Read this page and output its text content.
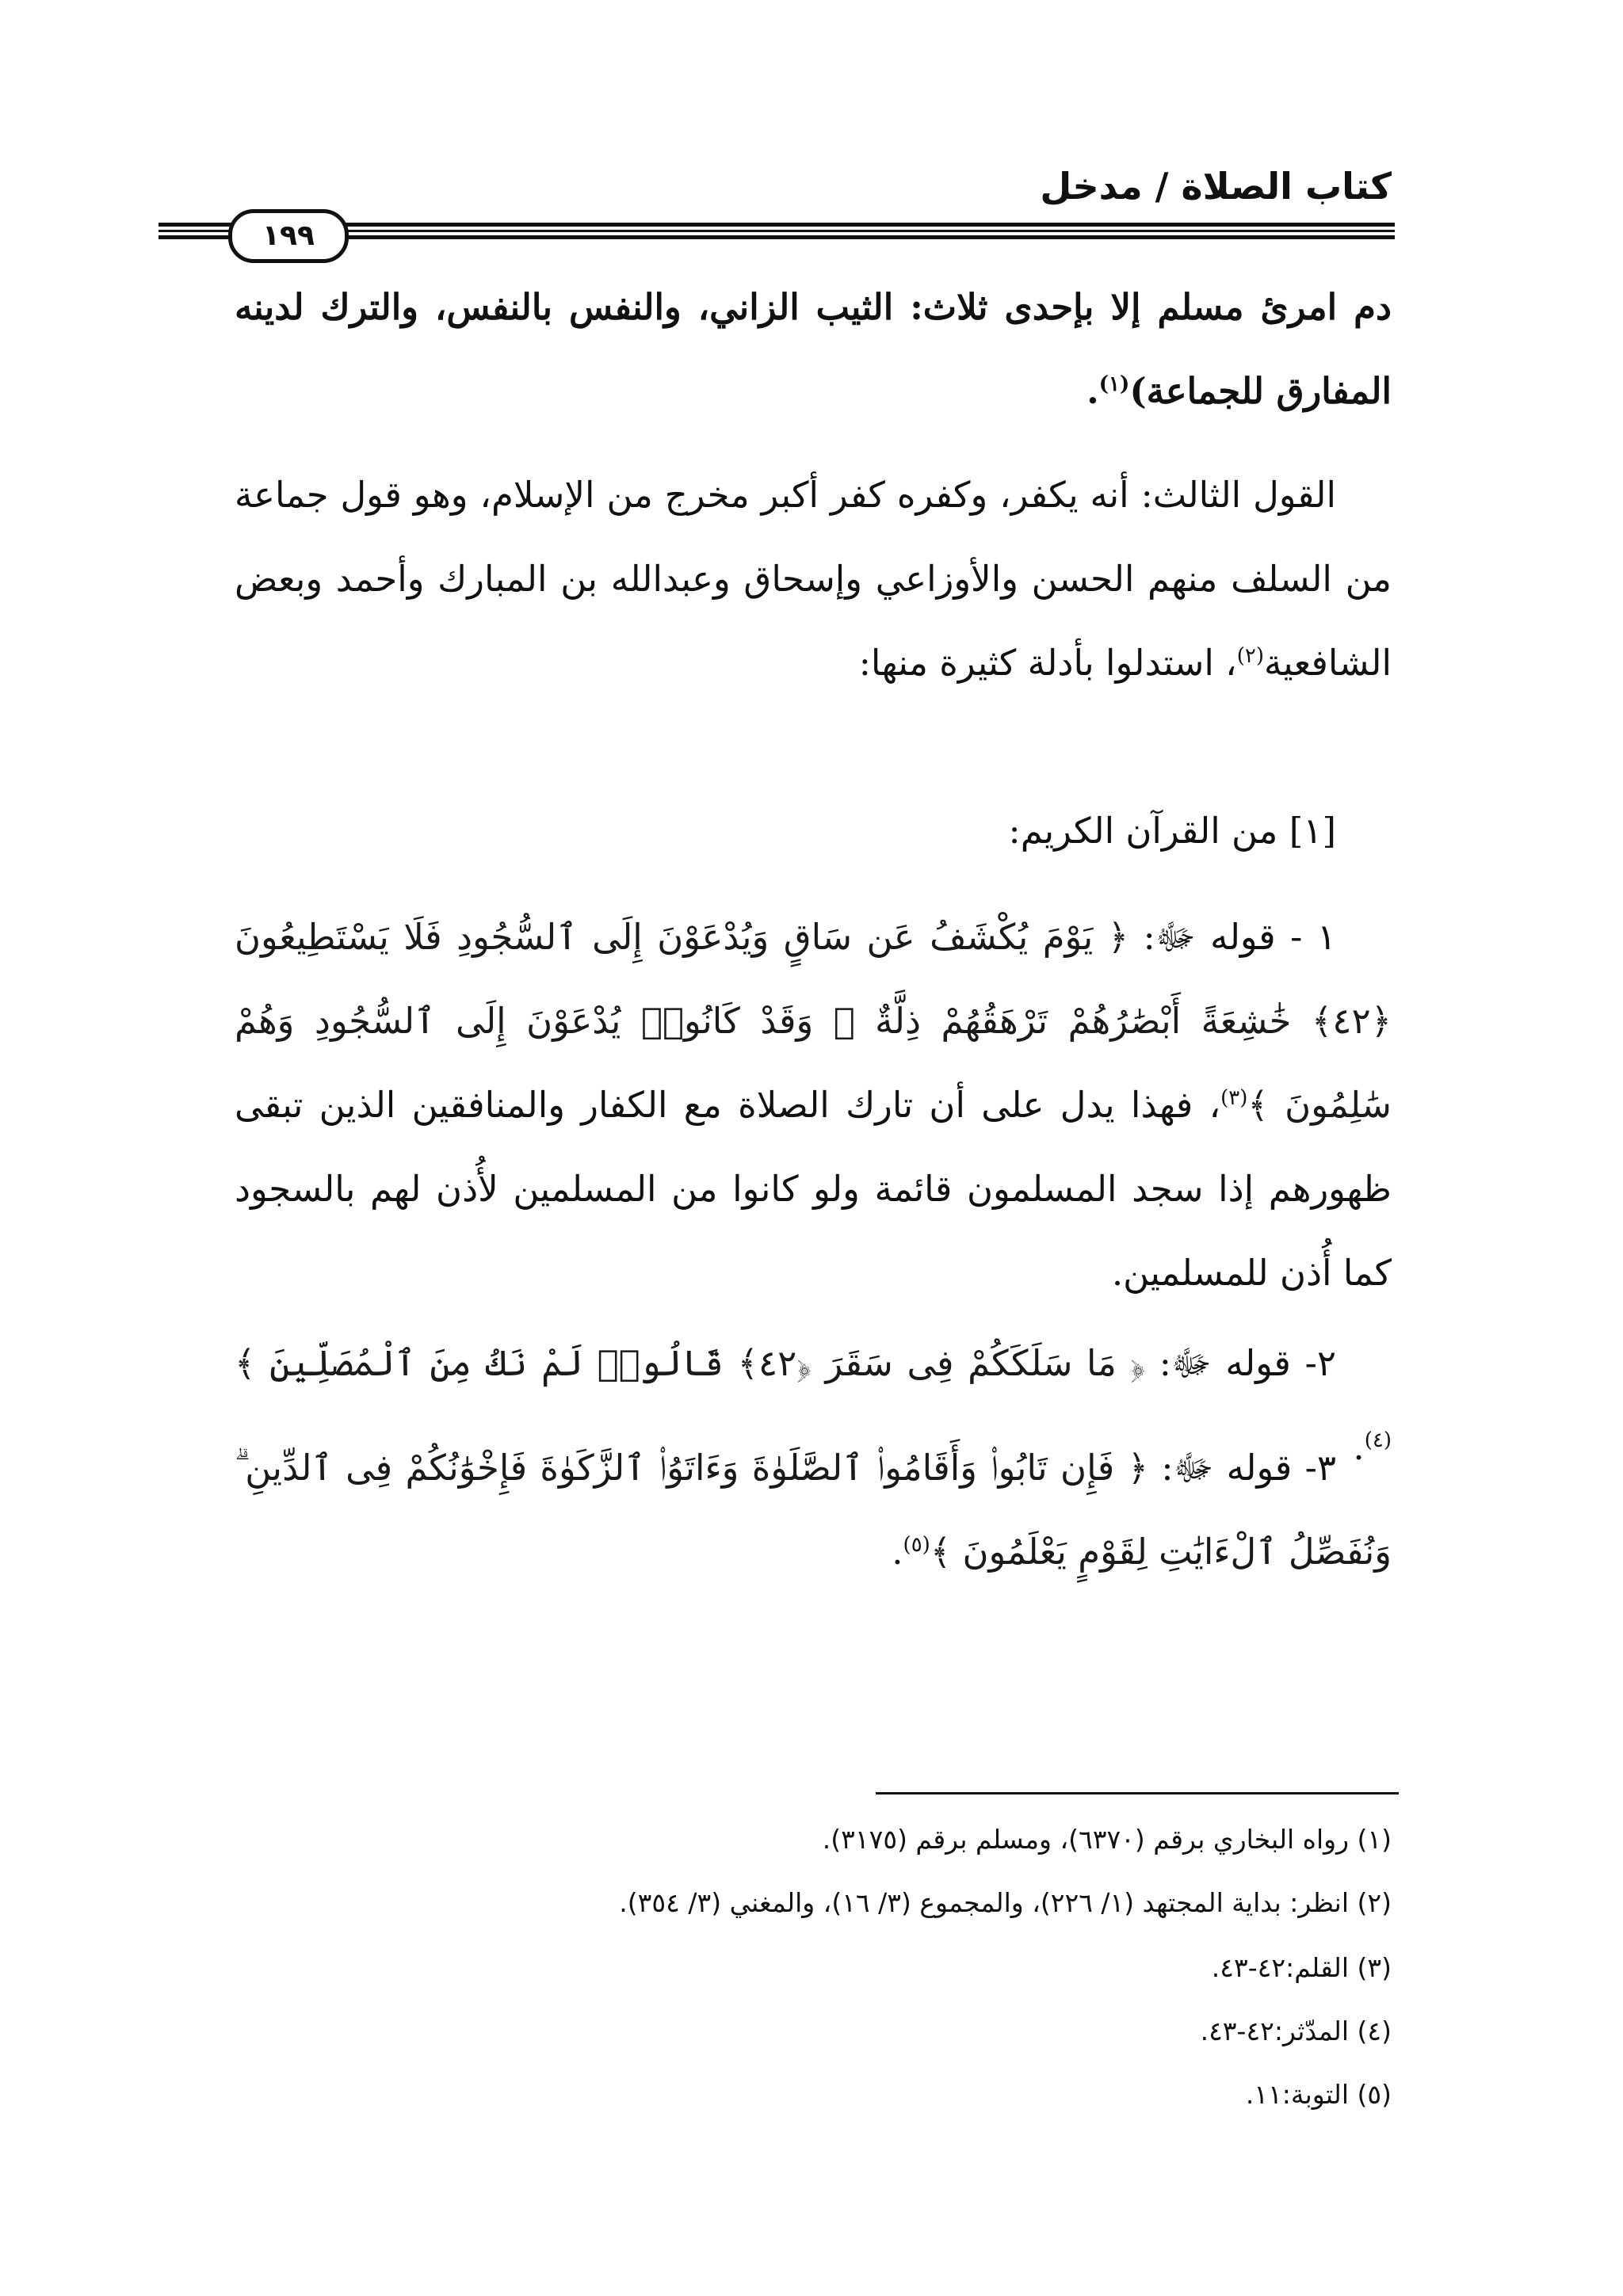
كتاب الصلاة / مدخل
١٩٩
دم امرئ مسلم إلا بإحدى ثلاث: الثيب الزاني، والنفس بالنفس، والترك لدينه المفارق للجماعة)$^{(١)}$.
القول الثالث: أنه يكفر، وكفره كفر أكبر مخرج من الإسلام، وهو قول جماعة من السلف منهم الحسن والأوزاعي وإسحاق وعبدالله بن المبارك وأحمد وبعض الشافعية$^{(٢)}$، استدلوا بأدلة كثيرة منها:
[١] من القرآن الكريم:
١ - قوله ﷻ: ﴿ يَوْمَ يُكْشَفُ عَن سَاقٍ وَيُدْعَوْنَ إِلَى ٱلسُّجُودِ فَلَا يَسْتَطِيعُونَ ﴿٤٢﴾ خَٰشِعَةً أَبْصَٰرُهُمْ تَرْهَقُهُمْ ذِلَّةٌ ۖ وَقَدْ كَانُوا۟ يُدْعَوْنَ إِلَى ٱلسُّجُودِ وَهُمْ سَٰلِمُونَ ﴾$^{(٣)}$، فهذا يدل على أن تارك الصلاة مع الكفار والمنافقين الذين تبقى ظهورهم إذا سجد المسلمون قائمة ولو كانوا من المسلمين لأُذن لهم بالسجود كما أُذن للمسلمين.
٢- قوله ﷻ: ﴿ مَا سَلَكَكُمْ فِى سَقَرَ ﴿٤٢﴾ قَالُوا۟ لَمْ نَكُ مِنَ ٱلْمُصَلِّينَ ﴾$^{(٤)}$.
٣- قوله ﷻ: ﴿ فَإِن تَابُوا۟ وَأَقَامُوا۟ ٱلصَّلَوٰةَ وَءَاتَوُا۟ ٱلزَّكَوٰةَ فَإِخْوَٰنُكُمْ فِى ٱلدِّينِ ۗ وَنُفَصِّلُ ٱلْءَايَٰتِ لِقَوْمٍ يَعْلَمُونَ ﴾$^{(٥)}$.
(١) رواه البخاري برقم (٦٣٧٠)، ومسلم برقم (٣١٧٥).
(٢) انظر: بداية المجتهد (١/ ٢٢٦)، والمجموع (٣/ ١٦)، والمغني (٣/ ٣٥٤).
(٣) القلم:٤٢-٤٣.
(٤) المدّثر:٤٢-٤٣.
(٥) التوبة:١١.
